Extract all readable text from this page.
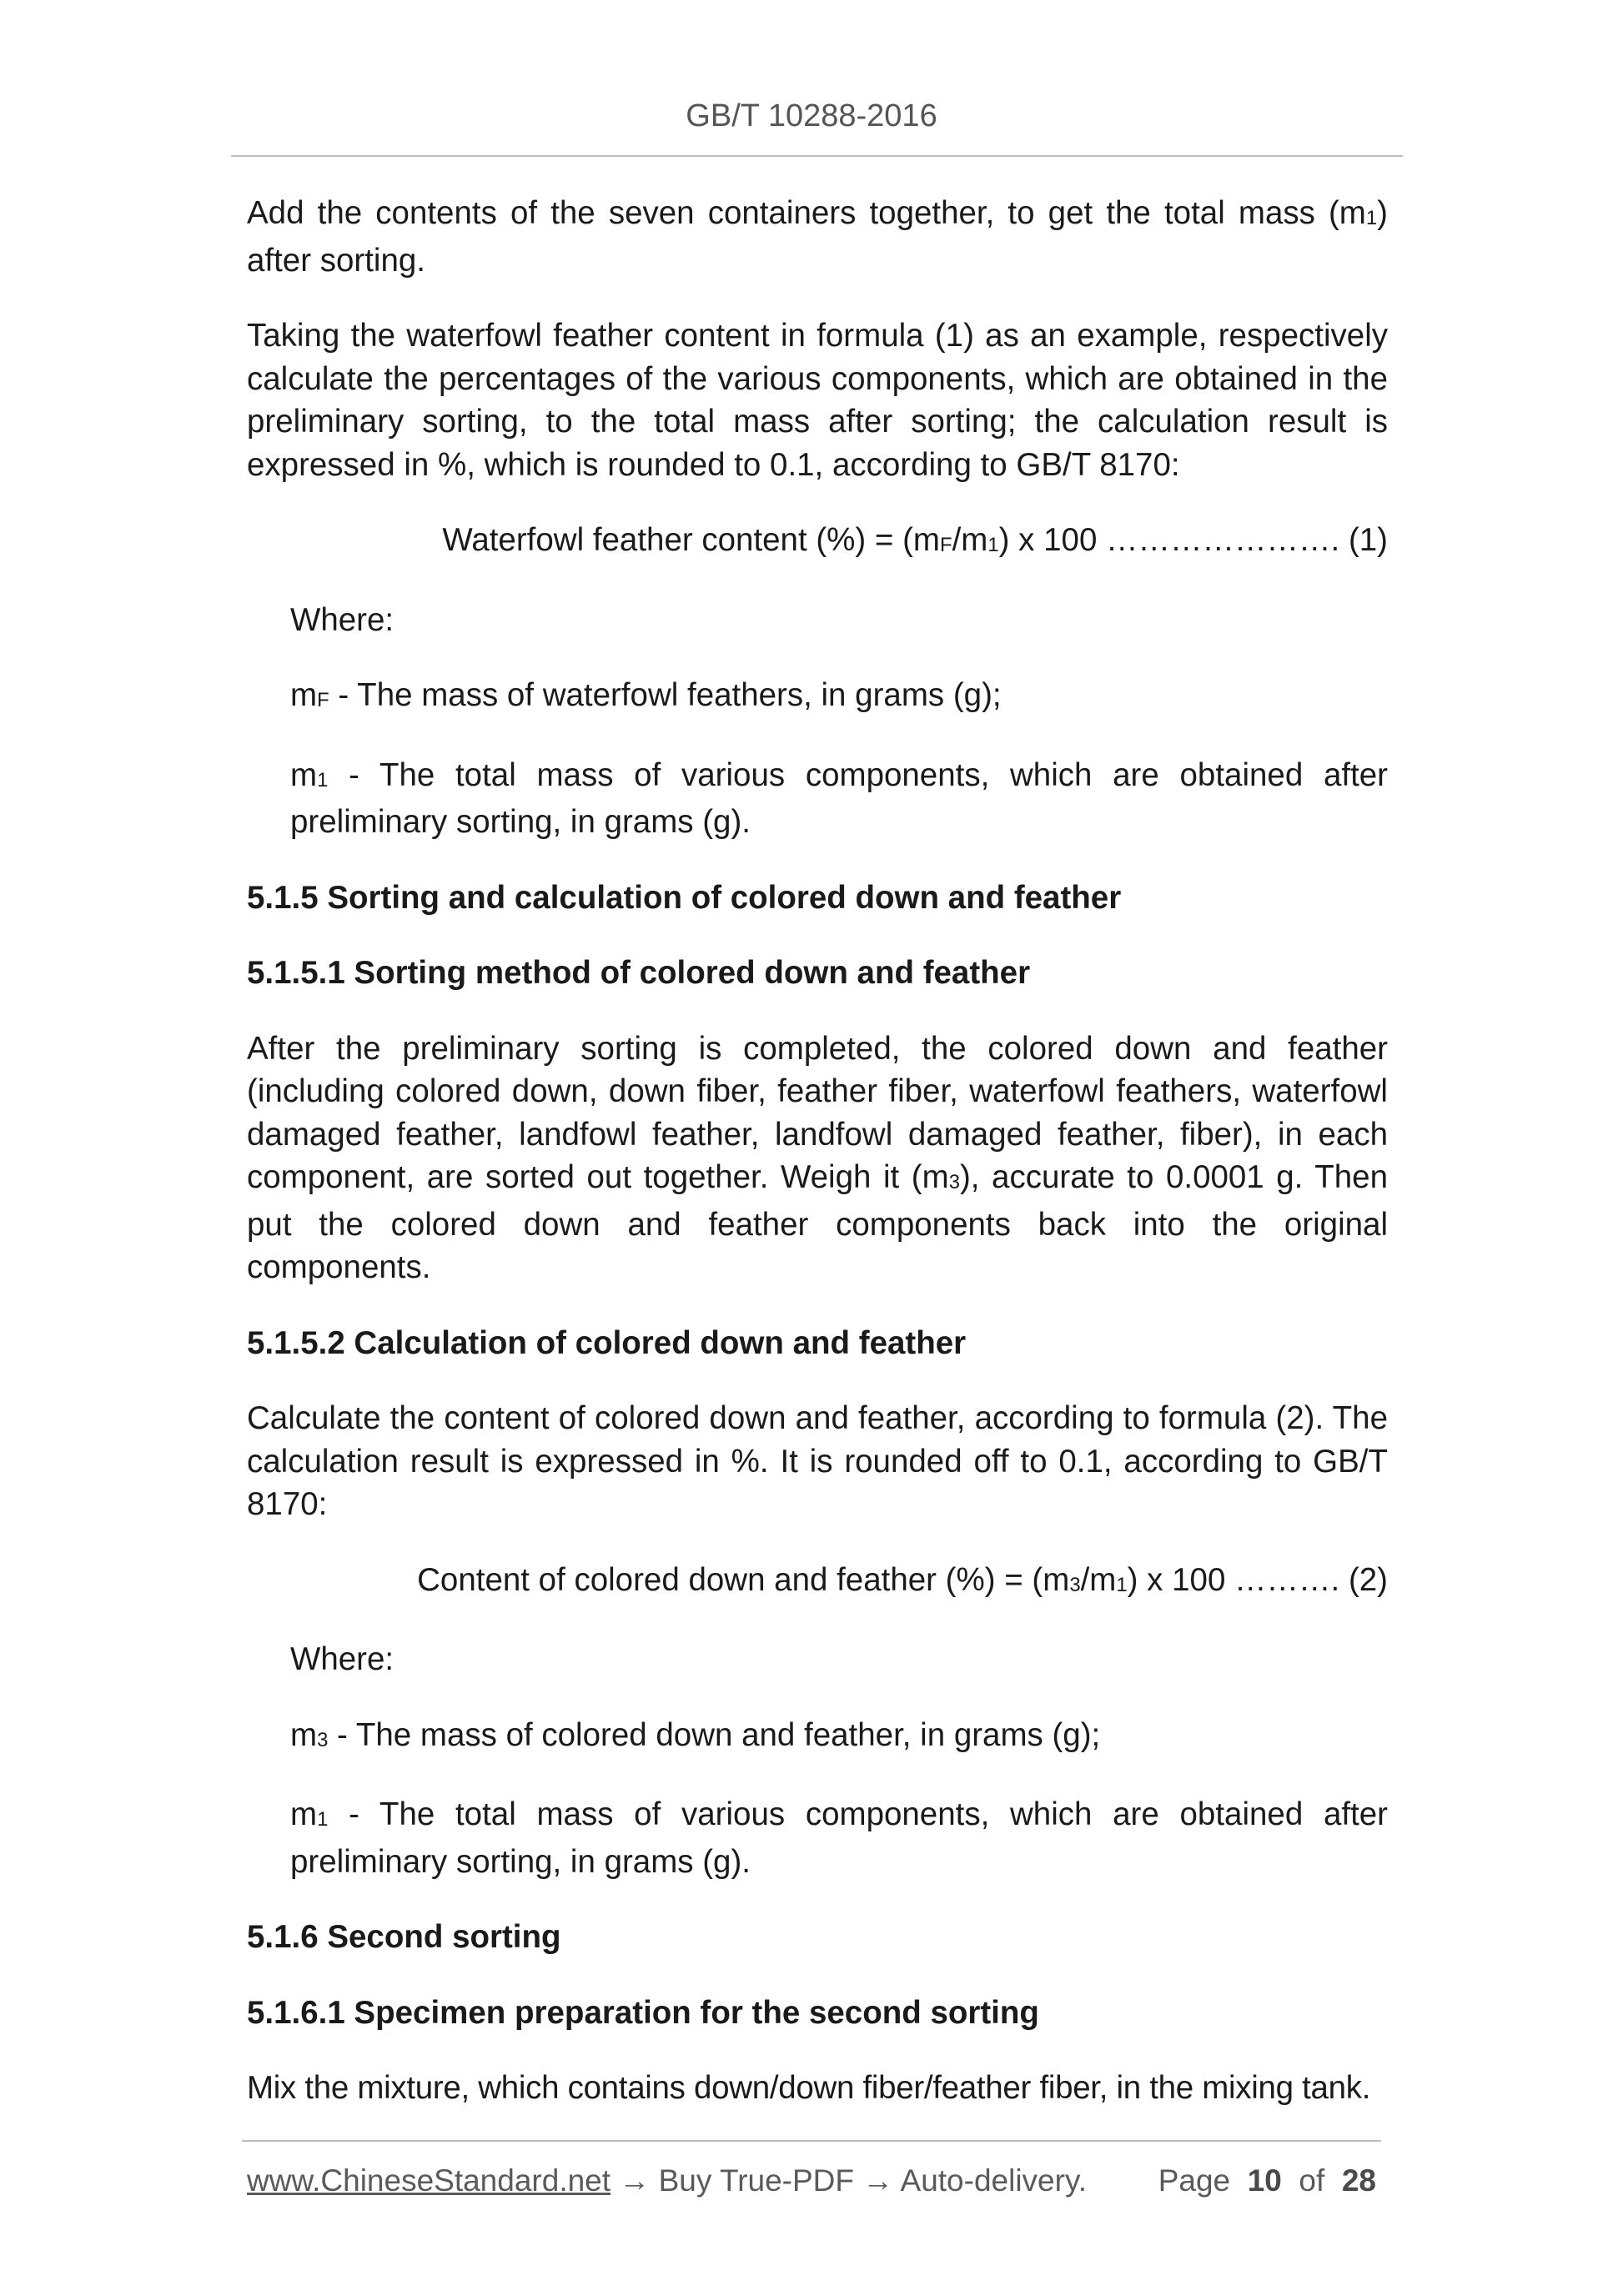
GB/T 10288-2016

Add the contents of the seven containers together, to get the total mass (m1) after sorting.

Taking the waterfowl feather content in formula (1) as an example, respectively calculate the percentages of the various components, which are obtained in the preliminary sorting, to the total mass after sorting; the calculation result is expressed in %, which is rounded to 0.1, according to GB/T 8170:

Waterfowl feather content (%) = (mF/m1) x 100 …………………. (1)

Where:

mF - The mass of waterfowl feathers, in grams (g);

m1 - The total mass of various components, which are obtained after preliminary sorting, in grams (g).

5.1.5 Sorting and calculation of colored down and feather

5.1.5.1 Sorting method of colored down and feather

After the preliminary sorting is completed, the colored down and feather (including colored down, down fiber, feather fiber, waterfowl feathers, waterfowl damaged feather, landfowl feather, landfowl damaged feather, fiber), in each component, are sorted out together. Weigh it (m3), accurate to 0.0001 g. Then put the colored down and feather components back into the original components.

5.1.5.2 Calculation of colored down and feather

Calculate the content of colored down and feather, according to formula (2). The calculation result is expressed in %. It is rounded off to 0.1, according to GB/T 8170:

Content of colored down and feather (%) = (m3/m1) x 100 ………. (2)

Where:

m3 - The mass of colored down and feather, in grams (g);

m1 - The total mass of various components, which are obtained after preliminary sorting, in grams (g).

5.1.6 Second sorting

5.1.6.1 Specimen preparation for the second sorting

Mix the mixture, which contains down/down fiber/feather fiber, in the mixing tank.

www.ChineseStandard.net → Buy True-PDF → Auto-delivery. Page 10 of 28
